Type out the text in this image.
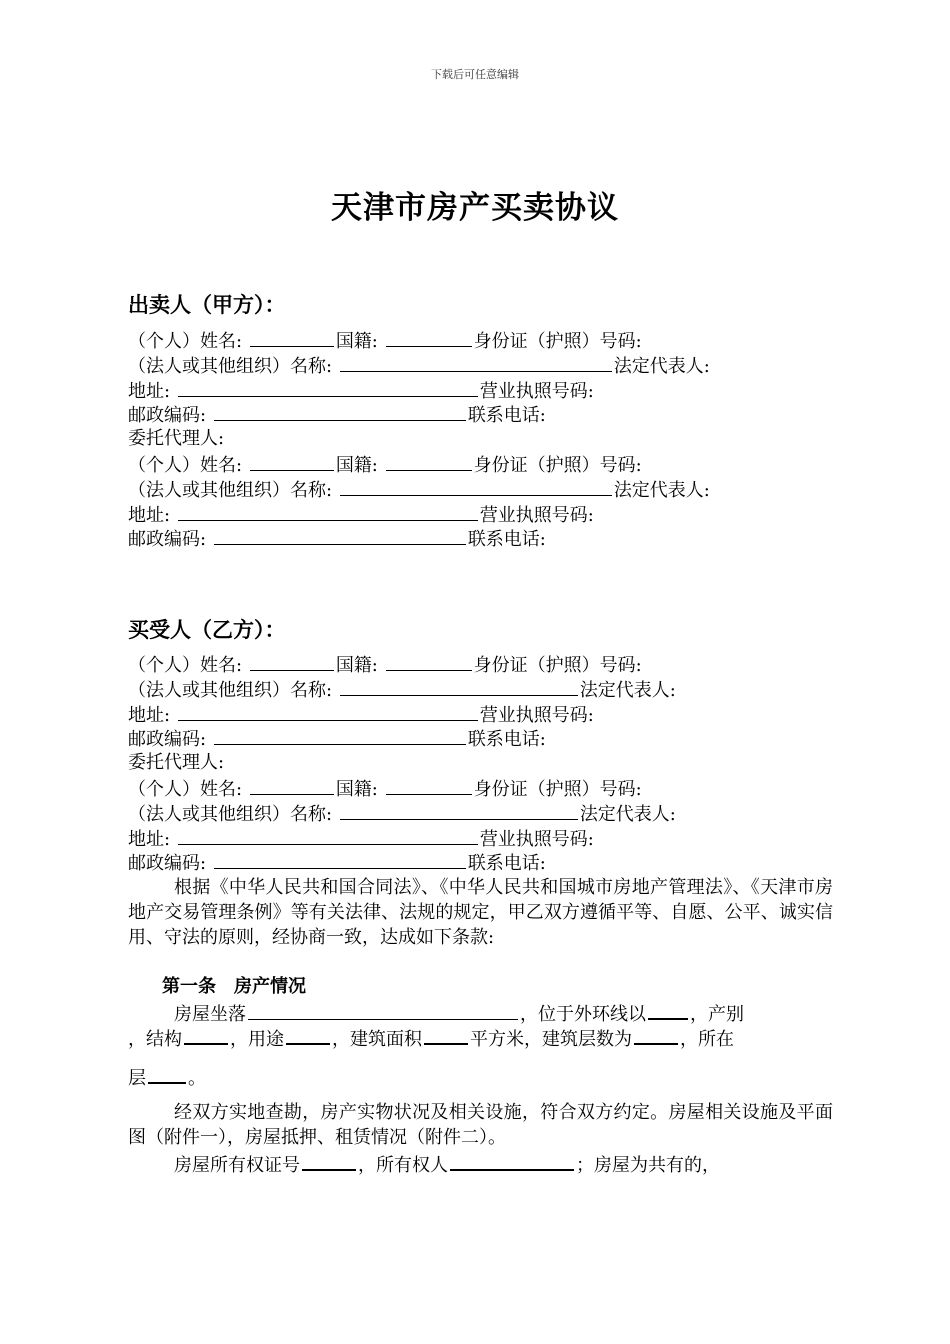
下载后可任意编辑
天津市房产买卖协议
出卖人（甲方）：
（个人）姓名:	国籍:	身份证（护照）号码:
（法人或其他组织）名称:	法定代表人:
地址:	营业执照号码:
邮政编码:	联系电话:
委托代理人:
（个人）姓名:	国籍:	身份证（护照）号码:
（法人或其他组织）名称:	法定代表人:
地址:	营业执照号码:
邮政编码:	联系电话:
买受人（乙方）：
（个人）姓名:	国籍:	身份证（护照）号码:
（法人或其他组织）名称:	法定代表人:
地址:	营业执照号码:
邮政编码:	联系电话:
委托代理人:
（个人）姓名:	国籍:	身份证（护照）号码:
（法人或其他组织）名称:	法定代表人:
地址:	营业执照号码:
邮政编码:	联系电话:
根据《中华人民共和国合同法》、《中华人民共和国城市房地产管理法》、《天津市房地产交易管理条例》等有关法律、法规的规定，甲乙双方遵循平等、自愿、公平、诚实信用、守法的原则，经协商一致，达成如下条款:
第一条　房产情况
房屋坐落	，位于外环线以 ，产别
，结构	，用途	，建筑面积	平方米，建筑层数为	，所在
层 。
经双方实地查勘，房产实物状况及相关设施，符合双方约定。房屋相关设施及平面图（附件一），房屋抵押、租赁情况（附件二）。
房屋所有权证号	，所有权人	；房屋为共有的，
